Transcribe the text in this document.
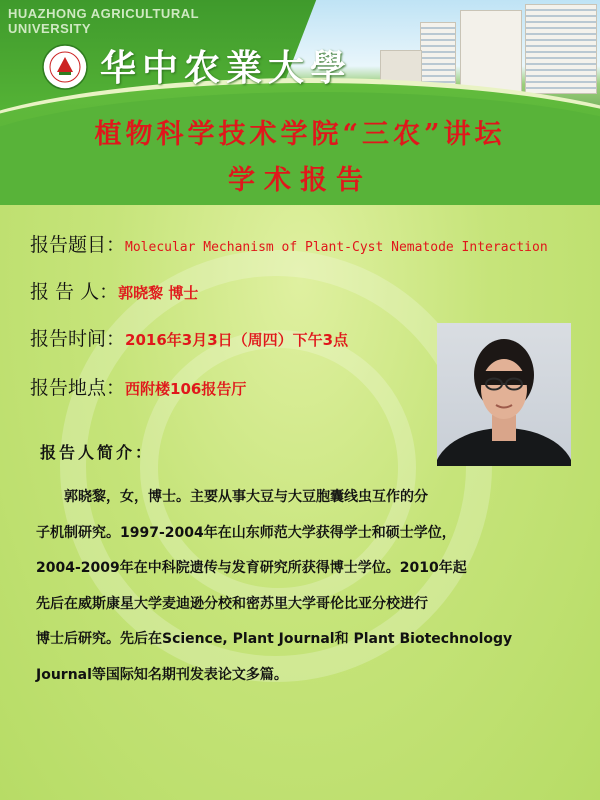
HUAZHONG AGRICULTURAL
UNIVERSITY
华中农業大學
植物科学技术学院“三农”讲坛
学术报告
报告题目： Molecular Mechanism of Plant-Cyst Nematode Interaction
报 告 人： 郭晓黎 博士
报告时间： 2016年3月3日（周四）下午3点
报告地点： 西附楼106报告厅
报告人简介：
郭晓黎，女，博士。主要从事大豆与大豆胞囊线虫互作的分
子机制研究。1997-2004年在山东师范大学获得学士和硕士学位，
2004-2009年在中科院遗传与发育研究所获得博士学位。2010年起
先后在威斯康星大学麦迪逊分校和密苏里大学哥伦比亚分校进行
博士后研究。先后在Science, Plant Journal和 Plant Biotechnology
Journal等国际知名期刊发表论文多篇。
